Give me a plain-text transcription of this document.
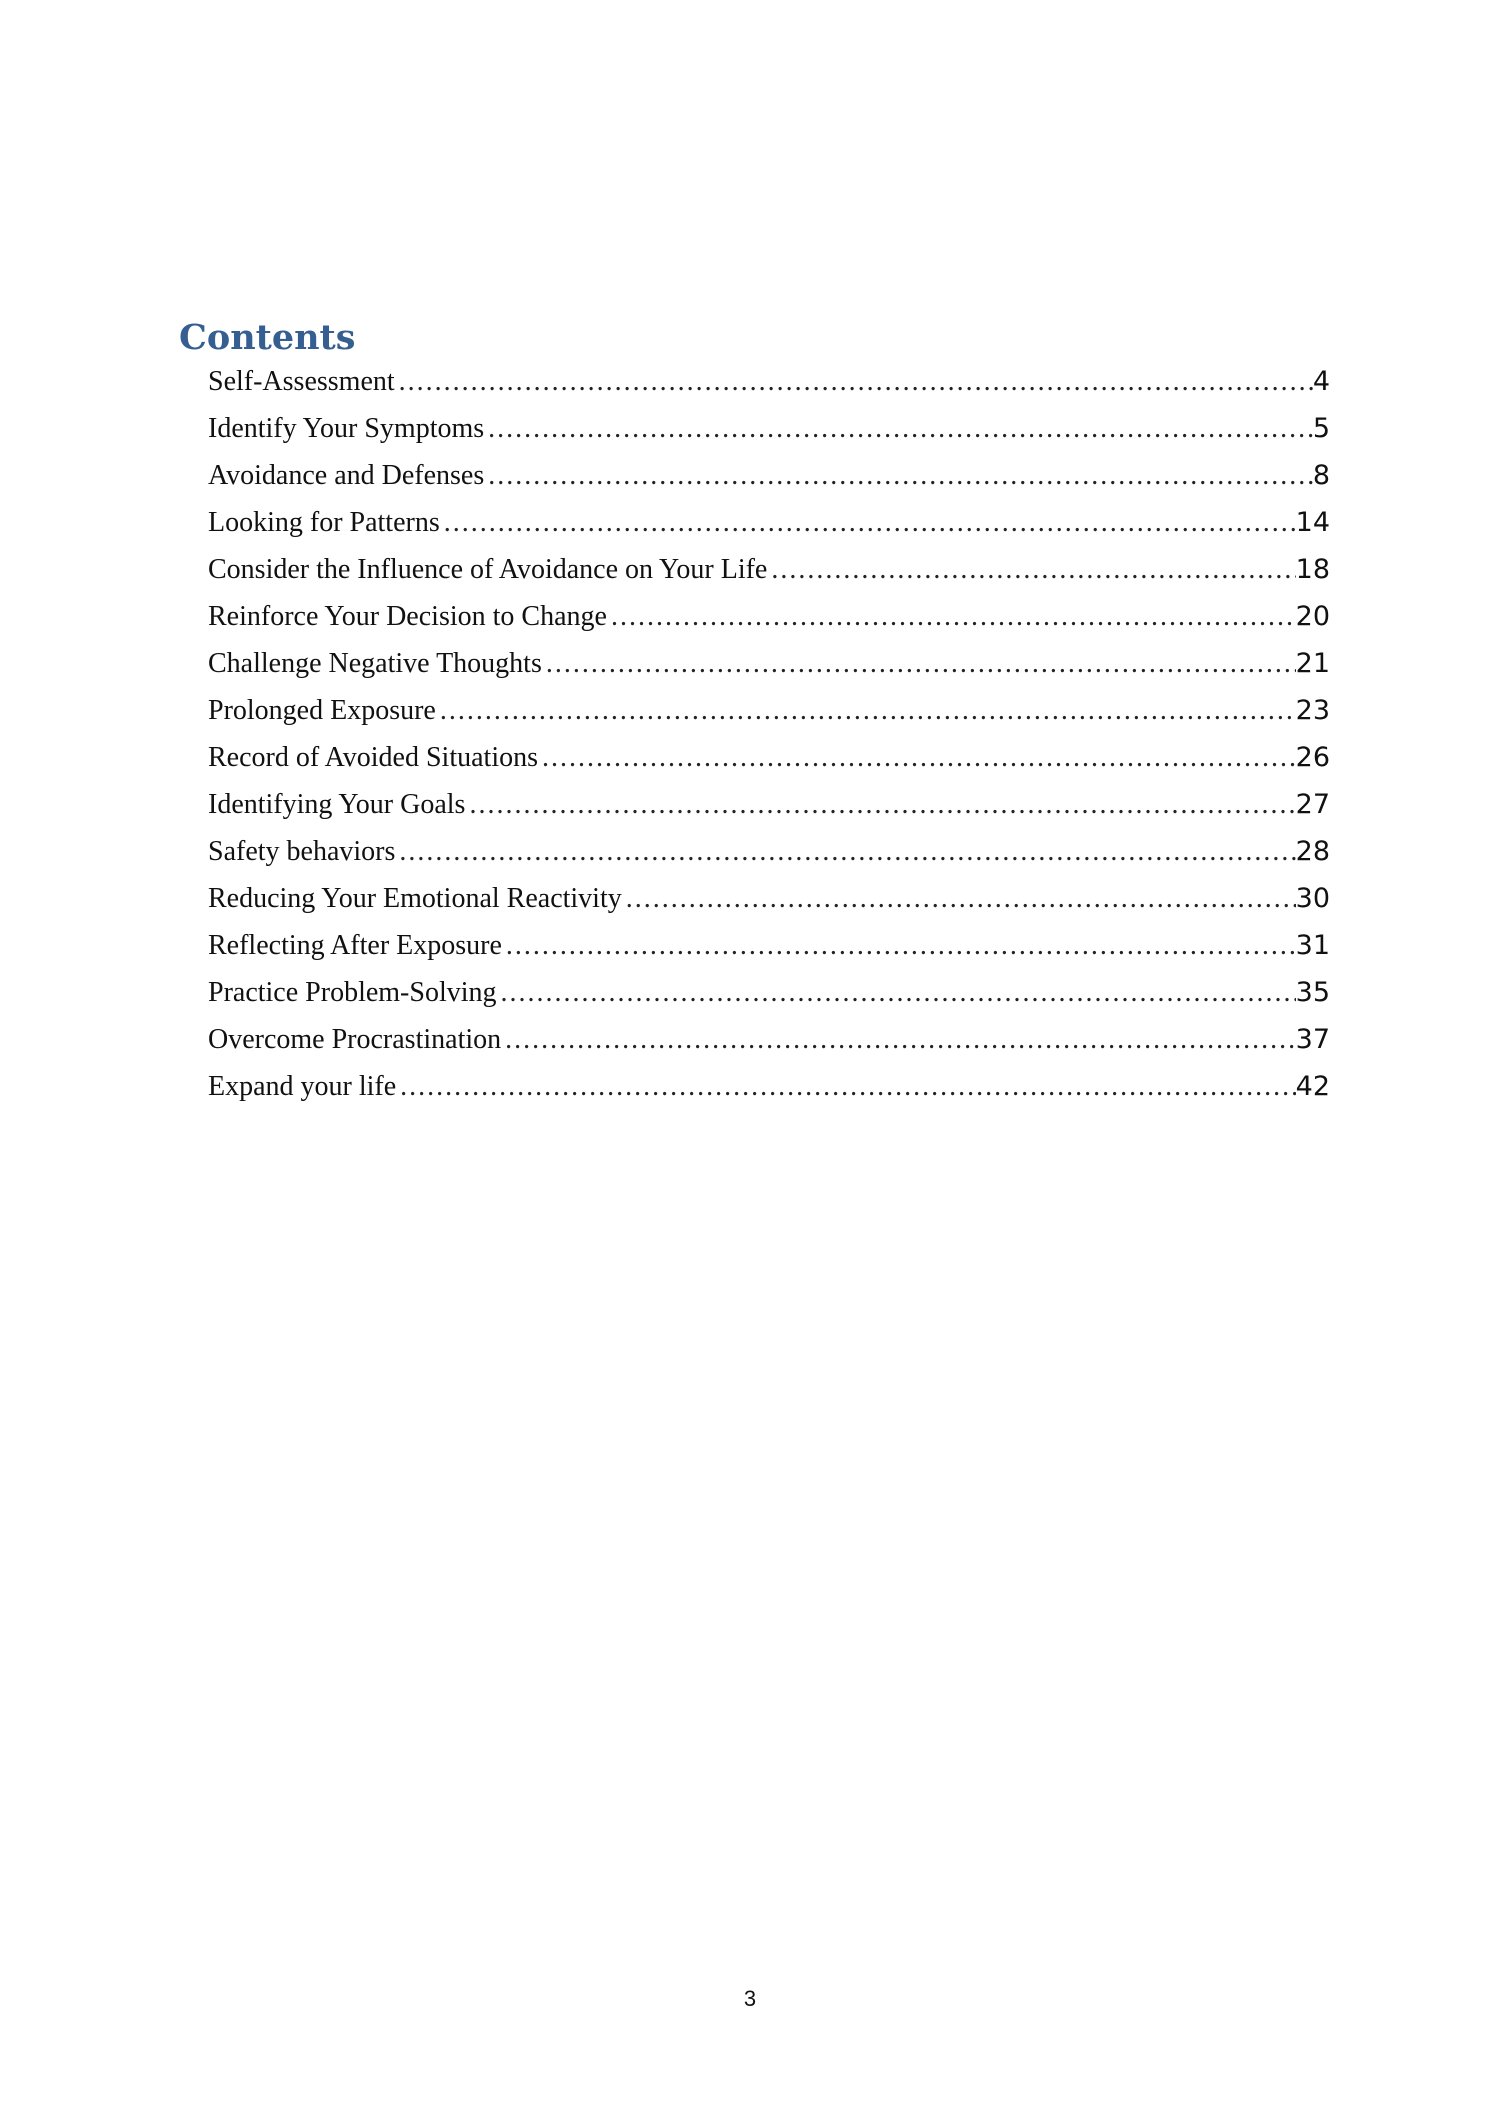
Contents
Self-Assessment .....	4
Identify Your Symptoms .....	5
Avoidance and Defenses .....	8
Looking for Patterns .....	14
Consider the Influence of Avoidance on Your Life .....	18
Reinforce Your Decision to Change .....	20
Challenge Negative Thoughts .....	21
Prolonged Exposure .....	23
Record of Avoided Situations .....	26
Identifying Your Goals .....	27
Safety behaviors .....	28
Reducing Your Emotional Reactivity .....	30
Reflecting After Exposure .....	31
Practice Problem-Solving .....	35
Overcome Procrastination .....	37
Expand your life .....	42
3
